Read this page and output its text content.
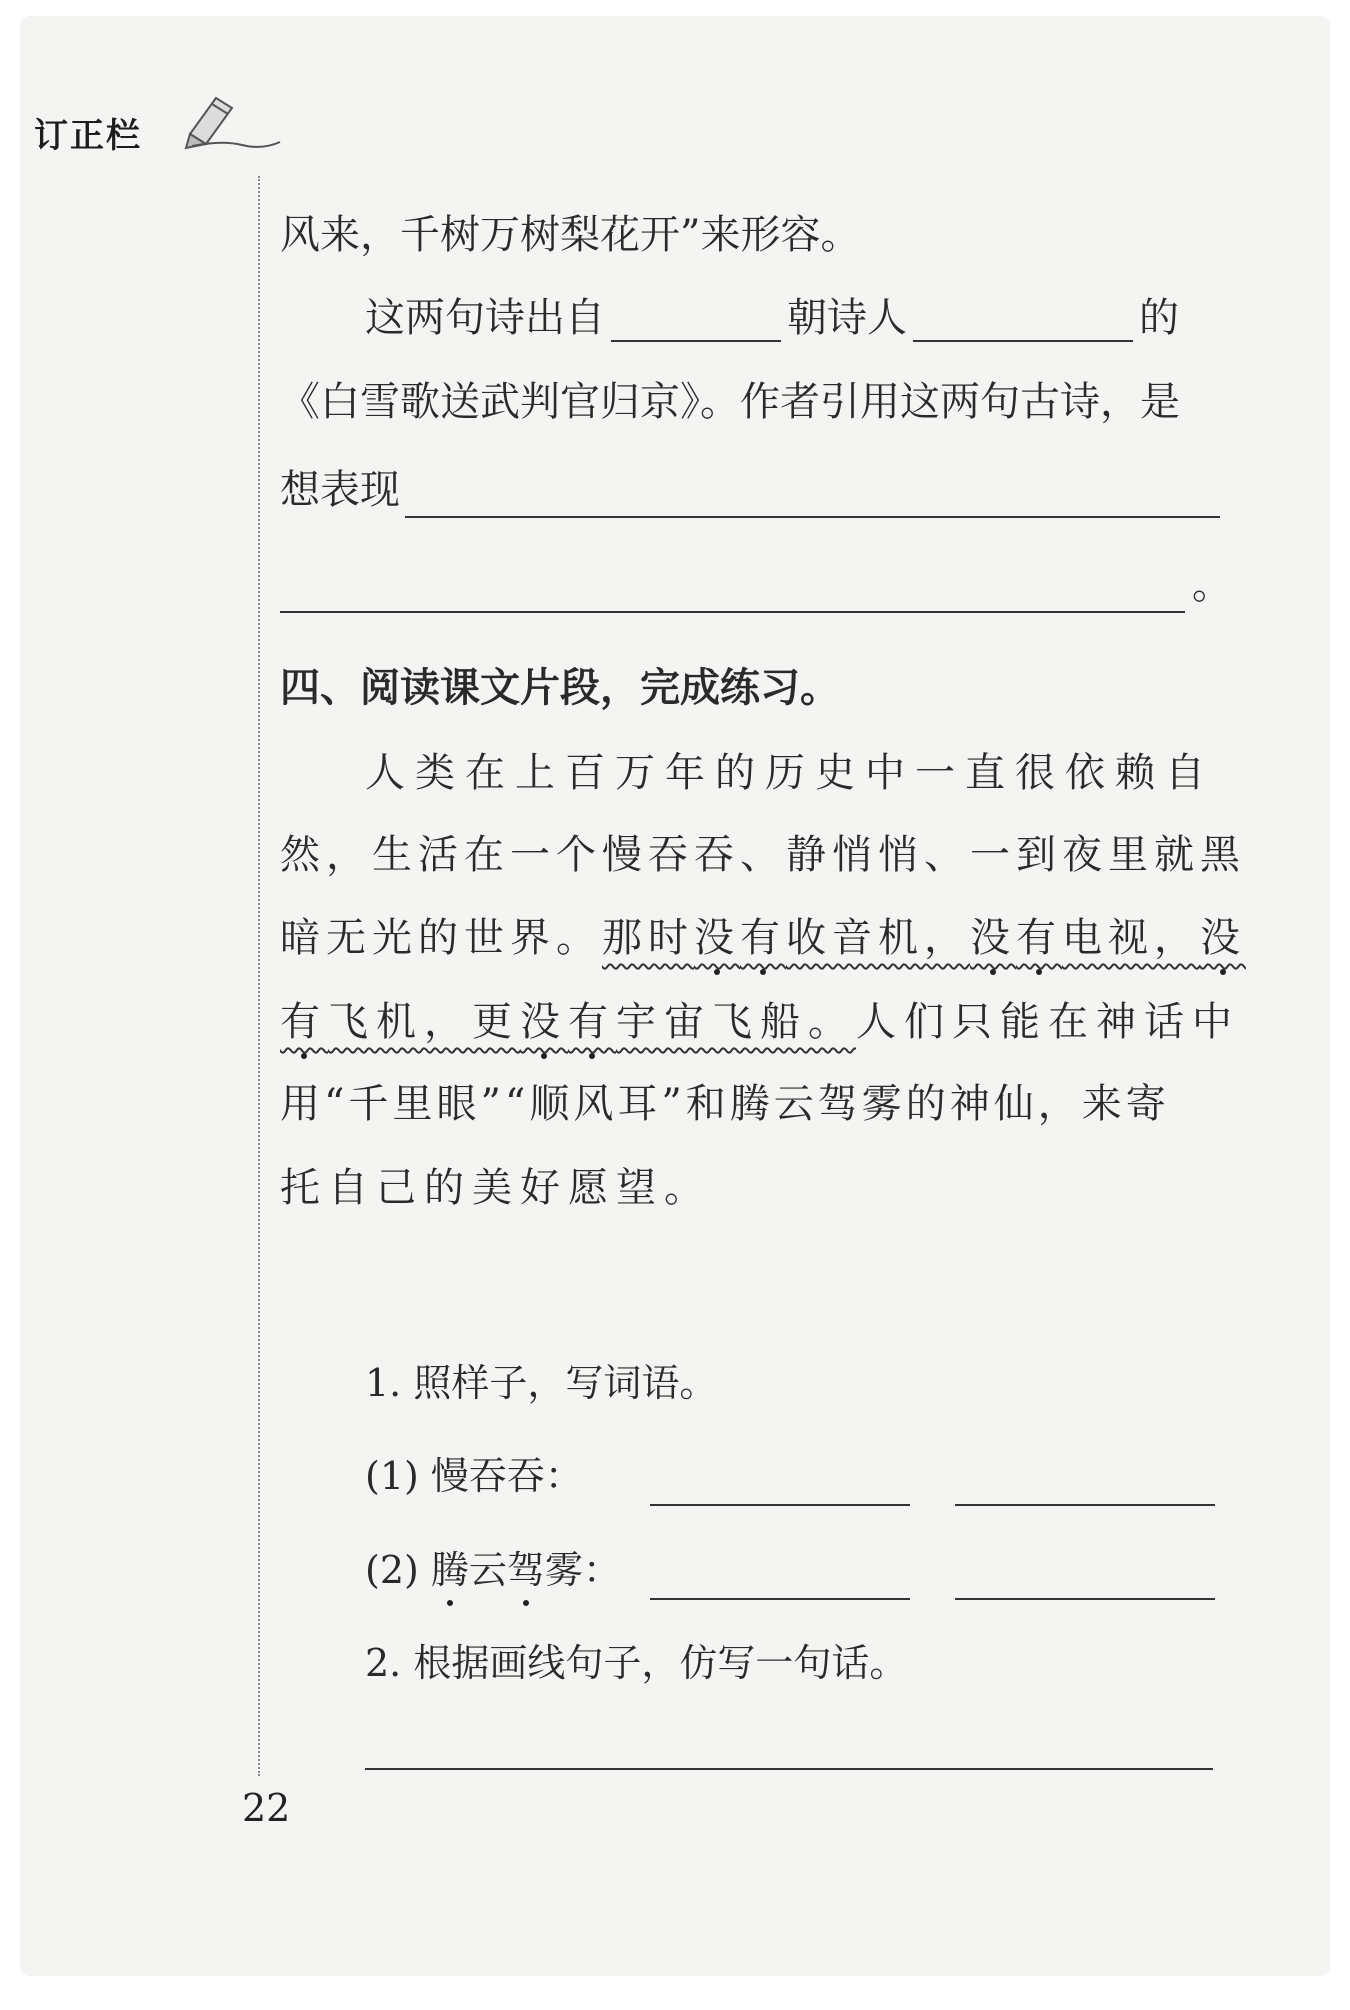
订正栏
风来，千树万树梨花开”来形容。
这两句诗出自	朝诗人	的
《白雪歌送武判官归京》。作者引用这两句古诗，是
想表现
。
四、阅读课文片段，完成练习。
人类在上百万年的历史中一直很依赖自
然，生活在一个慢吞吞、静悄悄、一到夜里就黑
暗无光的世界。那时没有收音机，没有电视，没
有飞机，更没有宇宙飞船。人们只能在神话中
用“千里眼”“顺风耳”和腾云驾雾的神仙，来寄
托自己的美好愿望。
1. 照样子，写词语。
(1) 慢吞吞：
(2) 腾云驾雾：
2. 根据画线句子，仿写一句话。
22
